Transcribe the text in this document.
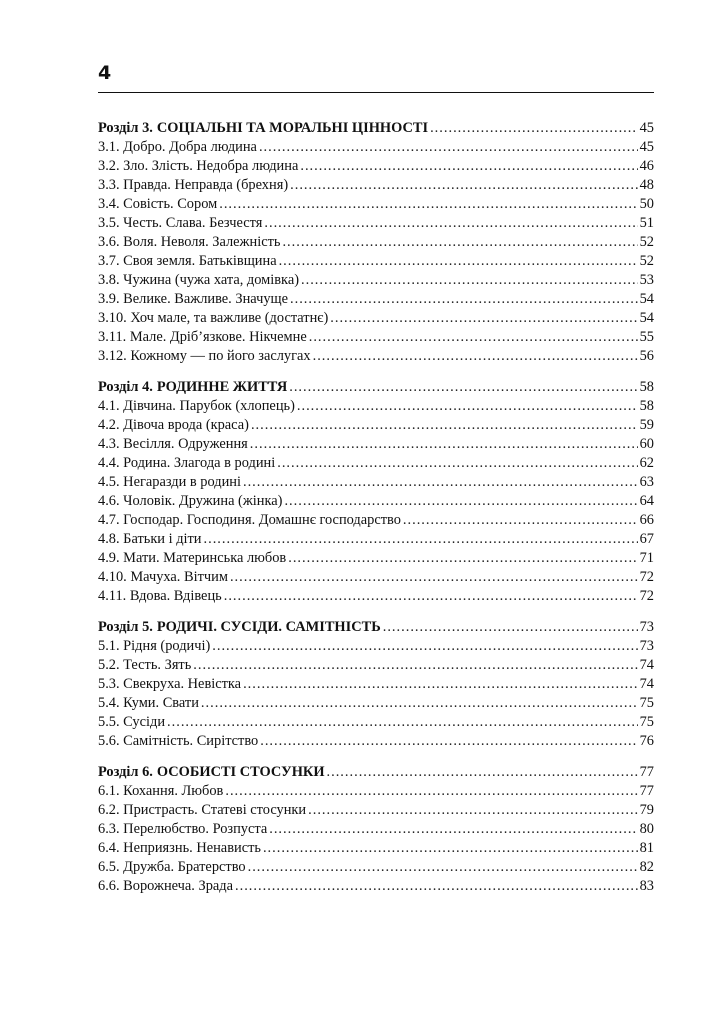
4
Розділ 3. СОЦІАЛЬНІ ТА МОРАЛЬНІ ЦІННОСТІ .....	45
3.1. Добро. Добра людина .....	45
3.2. Зло. Злість. Недобра людина .....	46
3.3. Правда. Неправда (брехня) .....	48
3.4. Совість. Сором .....	50
3.5. Честь. Слава. Безчестя .....	51
3.6. Воля. Неволя. Залежність .....	52
3.7. Своя земля. Батьківщина .....	52
3.8. Чужина (чужа хата, домівка) .....	53
3.9. Велике. Важливе. Значуще .....	54
3.10. Хоч мале, та важливе (достатнє) .....	54
3.11. Мале. Дріб’язкове. Нікчемне .....	55
3.12. Кожному — по його заслугах .....	56
Розділ 4. РОДИННЕ ЖИТТЯ .....	58
4.1. Дівчина. Парубок (хлопець) .....	58
4.2. Дівоча врода (краса) .....	59
4.3. Весілля. Одруження .....	60
4.4. Родина. Злагода в родині .....	62
4.5. Негаразди в родині .....	63
4.6. Чоловік. Дружина (жінка) .....	64
4.7. Господар. Господиня. Домашнє господарство .....	66
4.8. Батьки і діти .....	67
4.9. Мати. Материнська любов .....	71
4.10. Мачуха. Вітчим .....	72
4.11. Вдова. Вдівець .....	72
Розділ 5. РОДИЧІ. СУСІДИ. САМІТНІСТЬ .....	73
5.1. Рідня (родичі) .....	73
5.2. Тесть. Зять .....	74
5.3. Свекруха. Невістка .....	74
5.4. Куми. Свати .....	75
5.5. Сусіди .....	75
5.6. Самітність. Сирітство .....	76
Розділ 6. ОСОБИСТІ СТОСУНКИ .....	77
6.1. Кохання. Любов .....	77
6.2. Пристрасть. Статеві стосунки .....	79
6.3. Перелюбство. Розпуста .....	80
6.4. Неприязнь. Ненависть .....	81
6.5. Дружба. Братерство .....	82
6.6. Ворожнеча. Зрада .....	83
